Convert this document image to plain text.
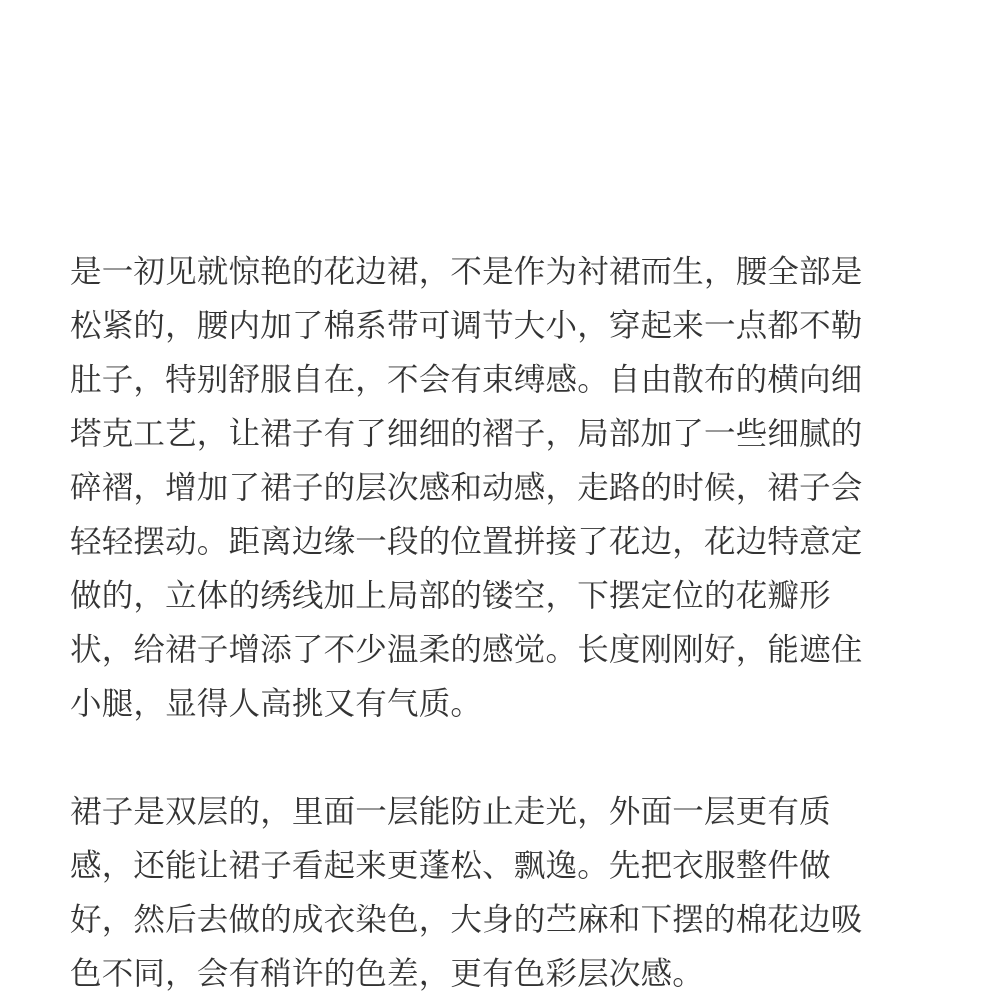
是一初见就惊艳的花边裙，不是作为衬裙而生，腰全部是
松紧的，腰内加了棉系带可调节大小，穿起来一点都不勒
肚子，特别舒服自在，不会有束缚感。自由散布的横向细
塔克工艺，让裙子有了细细的褶子，局部加了一些细腻的
碎褶，增加了裙子的层次感和动感，走路的时候，裙子会
轻轻摆动。距离边缘一段的位置拼接了花边，花边特意定
做的，立体的绣线加上局部的镂空，下摆定位的花瓣形
状，给裙子增添了不少温柔的感觉。长度刚刚好，能遮住
小腿，显得人高挑又有气质。

裙子是双层的，里面一层能防止走光，外面一层更有质
感，还能让裙子看起来更蓬松、飘逸。先把衣服整件做
好，然后去做的成衣染色，大身的苎麻和下摆的棉花边吸
色不同，会有稍许的色差，更有色彩层次感。
